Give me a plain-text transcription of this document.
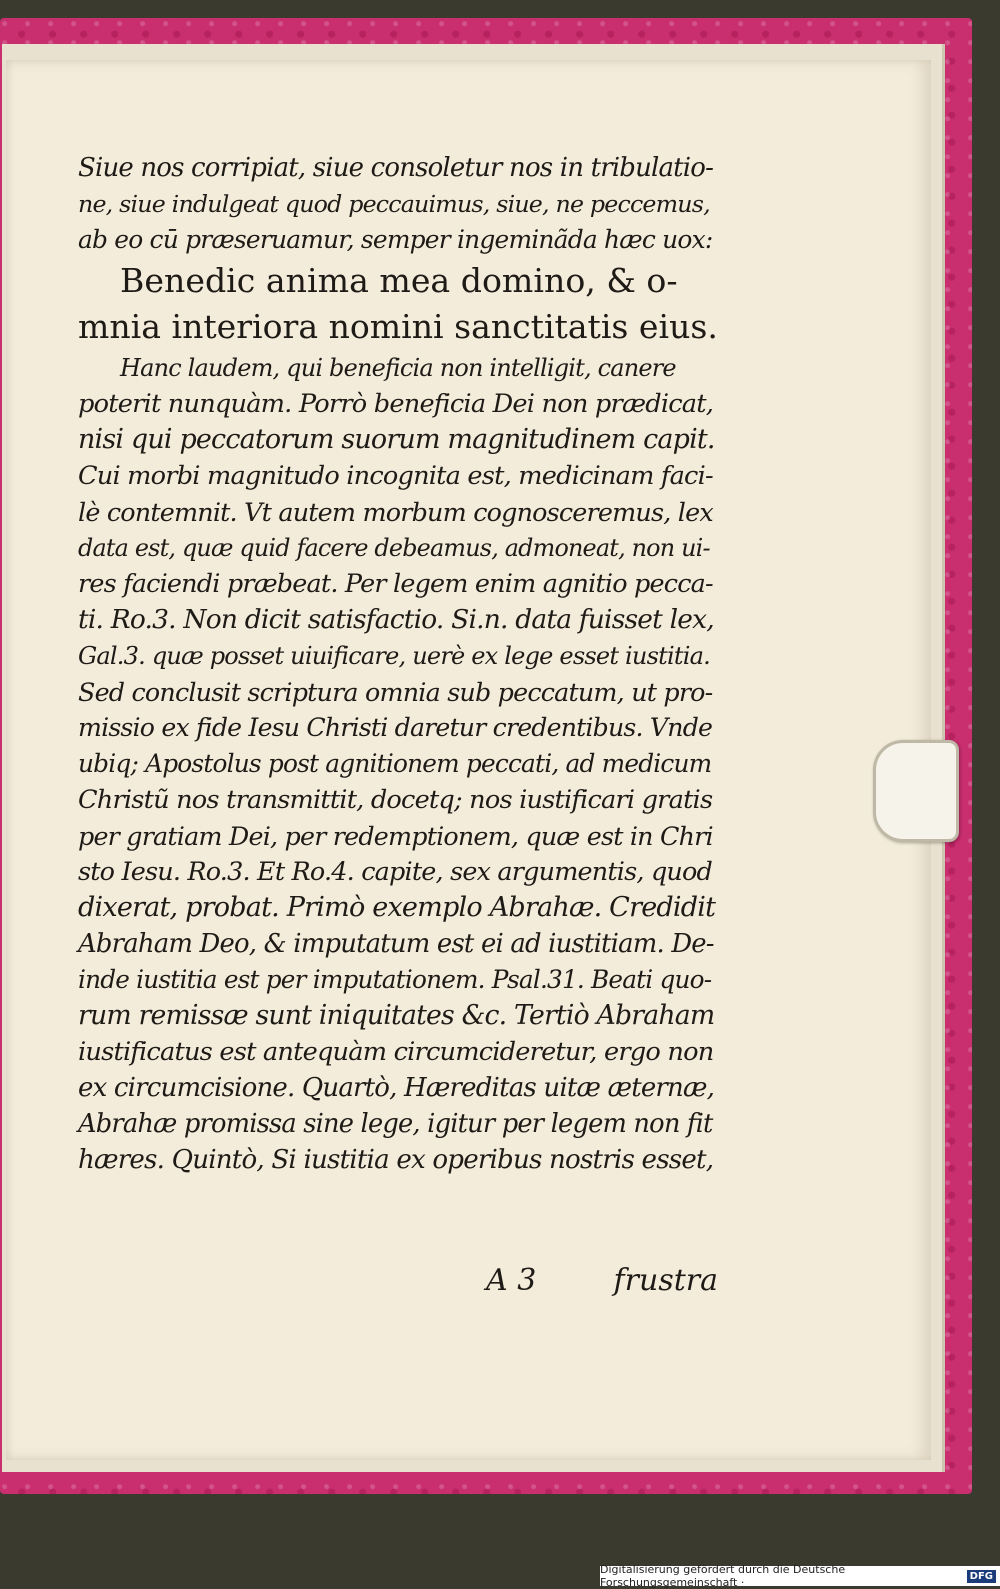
Siue nos corripiat, siue consoletur nos in tribulatio-
ne, siue indulgeat quod peccauimus, siue, ne peccemus,
ab eo cū præseruamur, semper ingeminãda hæc uox:
Benedic anima mea domino, & o-
mnia interiora nomini sanctitatis eius.
Hanc laudem, qui beneficia non intelligit, canere
poterit nunquàm. Porrò beneficia Dei non prædicat,
nisi qui peccatorum suorum magnitudinem capit.
Cui morbi magnitudo incognita est, medicinam faci-
lè contemnit. Vt autem morbum cognosceremus, lex
data est, quæ quid facere debeamus, admoneat, non ui-
res faciendi præbeat. Per legem enim agnitio pecca-
ti. Ro.3. Non dicit satisfactio. Si.n. data fuisset lex,
Gal.3. quæ posset uiuificare, uerè ex lege esset iustitia.
Sed conclusit scriptura omnia sub peccatum, ut pro-
missio ex fide Iesu Christi daretur credentibus. Vnde
ubiq; Apostolus post agnitionem peccati, ad medicum
Christũ nos transmittit, docetq; nos iustificari gratis
per gratiam Dei, per redemptionem, quæ est in Chri
sto Iesu. Ro.3. Et Ro.4. capite, sex argumentis, quod
dixerat, probat. Primò exemplo Abrahæ. Credidit
Abraham Deo, & imputatum est ei ad iustitiam. De-
inde iustitia est per imputationem. Psal.31. Beati quo-
rum remissæ sunt iniquitates &c. Tertiò Abraham
iustificatus est antequàm circumcideretur, ergo non
ex circumcisione. Quartò, Hæreditas uitæ æternæ,
Abrahæ promissa sine lege, igitur per legem non fit
hæres. Quintò, Si iustitia ex operibus nostris esset,
A 3	frustra
Digitalisierung gefördert durch die Deutsche Forschungsgemeinschaft ·	DFG
